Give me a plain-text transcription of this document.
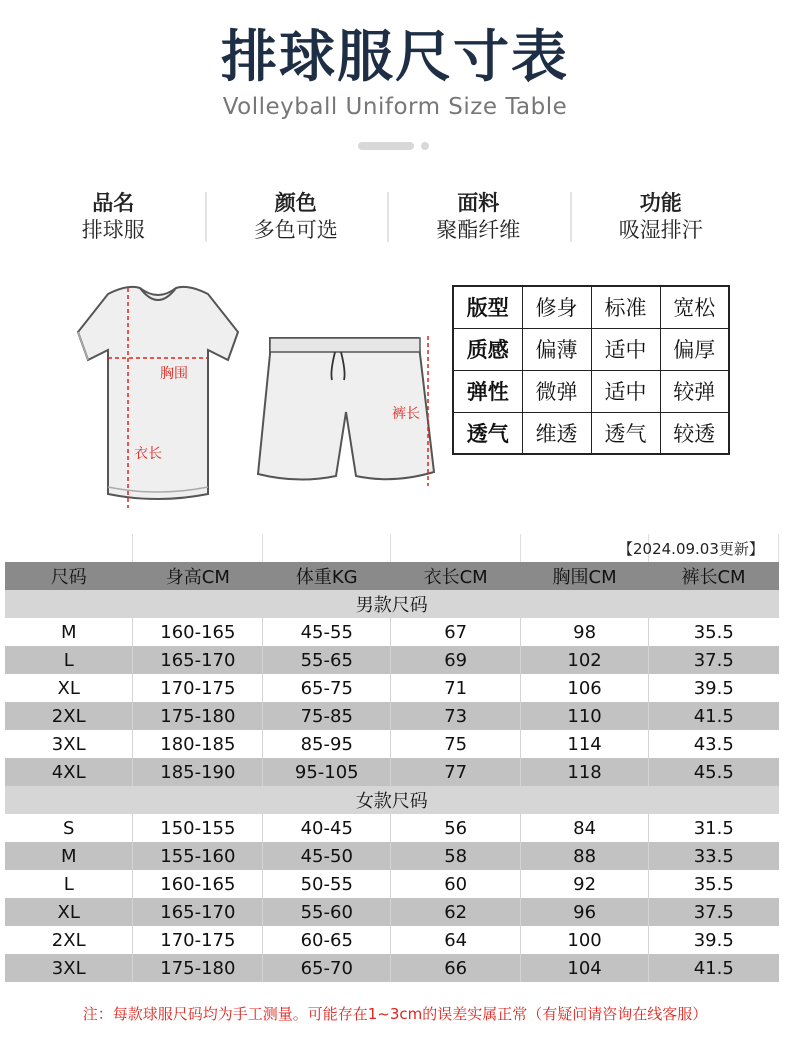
排球服尺寸表
Volleyball Uniform Size Table
品名
排球服
颜色
多色可选
面料
聚酯纤维
功能
吸湿排汗
胸围
衣长
裤长
版型	修身	标准	宽松
质感	偏薄	适中	偏厚
弹性	微弹	适中	较弹
透气	维透	透气	较透

尺码	身高CM	体重KG	衣长CM	胸围CM	裤长CM
男款尺码					
M	160-165	45-55	67	98	35.5
L	165-170	55-65	69	102	37.5
XL	170-175	65-75	71	106	39.5
2XL	175-180	75-85	73	110	41.5
3XL	180-185	85-95	75	114	43.5
4XL	185-190	95-105	77	118	45.5
女款尺码					
S	150-155	40-45	56	84	31.5
M	155-160	45-50	58	88	33.5
L	160-165	50-55	60	92	35.5
XL	165-170	55-60	62	96	37.5
2XL	170-175	60-65	64	100	39.5
3XL	175-180	65-70	66	104	41.5
【2024.09.03更新】
注：每款球服尺码均为手工测量。可能存在1~3cm的误差实属正常（有疑问请咨询在线客服）
